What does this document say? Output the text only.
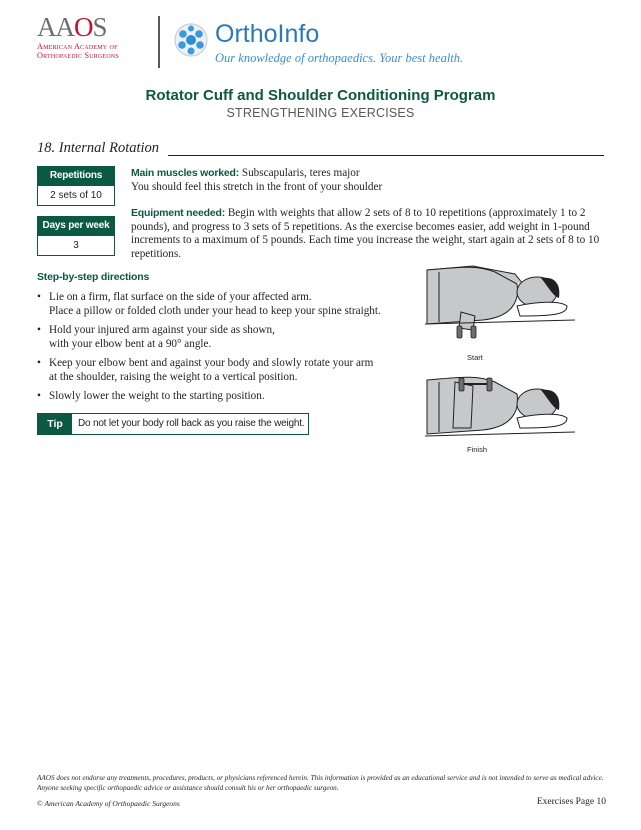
AAOS
American Academy of
Orthopaedic Surgeons
OrthoInfo
Our knowledge of orthopaedics. Your best health.
Rotator Cuff and Shoulder Conditioning Program
STRENGTHENING EXERCISES
18. Internal Rotation
Repetitions
2 sets of 10
Days per week
3
Main muscles worked: Subscapularis, teres major
You should feel this stretch in the front of your shoulder
Equipment needed: Begin with weights that allow 2 sets of 8 to 10 repetitions (approximately 1 to 2 pounds), and progress to 3 sets of 5 repetitions. As the exercise becomes easier, add weight in 1-pound increments to a maximum of 5 pounds. Each time you increase the weight, start again at 2 sets of 8 to 10 repetitions.
Step-by-step directions
• Lie on a firm, flat surface on the side of your affected arm.
Place a pillow or folded cloth under your head to keep your spine straight.
• Hold your injured arm against your side as shown,
with your elbow bent at a 90° angle.
• Keep your elbow bent and against your body and slowly rotate your arm
at the shoulder, raising the weight to a vertical position.
• Slowly lower the weight to the starting position.
Tip	Do not let your body roll back as you raise the weight.
Start
Finish
AAOS does not endorse any treatments, procedures, products, or physicians referenced herein. This information is provided as an educational service and is not intended to serve as medical advice. Anyone seeking specific orthopaedic advice or assistance should consult his or her orthopaedic surgeon.
© American Academy of Orthopaedic Surgeons	Exercises Page 10
